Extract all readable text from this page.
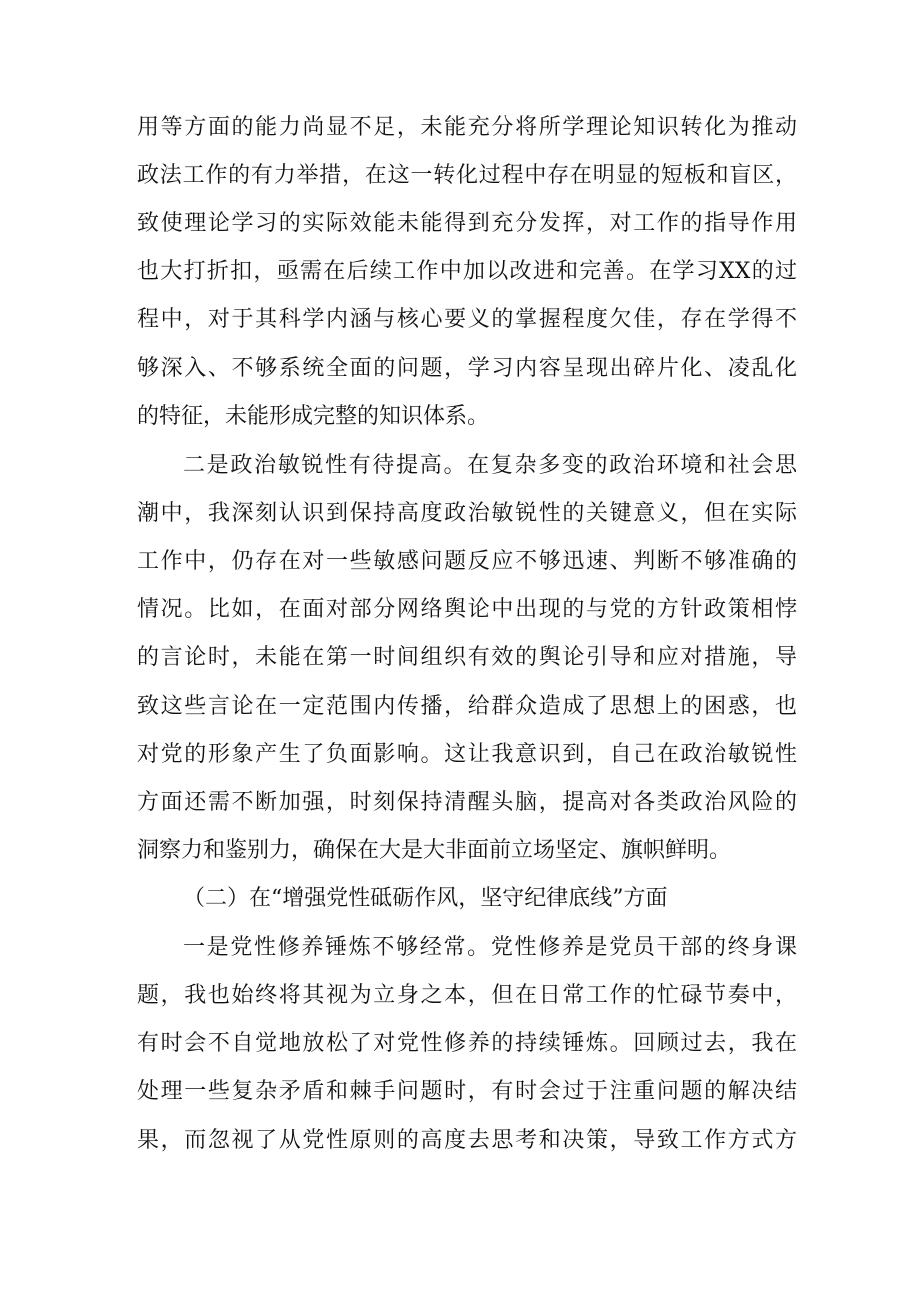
用等方面的能力尚显不足，未能充分将所学理论知识转化为推动
政法工作的有力举措，在这一转化过程中存在明显的短板和盲区，
致使理论学习的实际效能未能得到充分发挥，对工作的指导作用
也大打折扣，亟需在后续工作中加以改进和完善。在学习XX的过
程中，对于其科学内涵与核心要义的掌握程度欠佳，存在学得不
够深入、不够系统全面的问题，学习内容呈现出碎片化、凌乱化
的特征，未能形成完整的知识体系。
二是政治敏锐性有待提高。在复杂多变的政治环境和社会思
潮中，我深刻认识到保持高度政治敏锐性的关键意义，但在实际
工作中，仍存在对一些敏感问题反应不够迅速、判断不够准确的
情况。比如，在面对部分网络舆论中出现的与党的方针政策相悖
的言论时，未能在第一时间组织有效的舆论引导和应对措施，导
致这些言论在一定范围内传播，给群众造成了思想上的困惑，也
对党的形象产生了负面影响。这让我意识到，自己在政治敏锐性
方面还需不断加强，时刻保持清醒头脑，提高对各类政治风险的
洞察力和鉴别力，确保在大是大非面前立场坚定、旗帜鲜明。
（二）在“增强党性砥砺作风，坚守纪律底线”方面
一是党性修养锤炼不够经常。党性修养是党员干部的终身课
题，我也始终将其视为立身之本，但在日常工作的忙碌节奏中，
有时会不自觉地放松了对党性修养的持续锤炼。回顾过去，我在
处理一些复杂矛盾和棘手问题时，有时会过于注重问题的解决结
果，而忽视了从党性原则的高度去思考和决策，导致工作方式方
